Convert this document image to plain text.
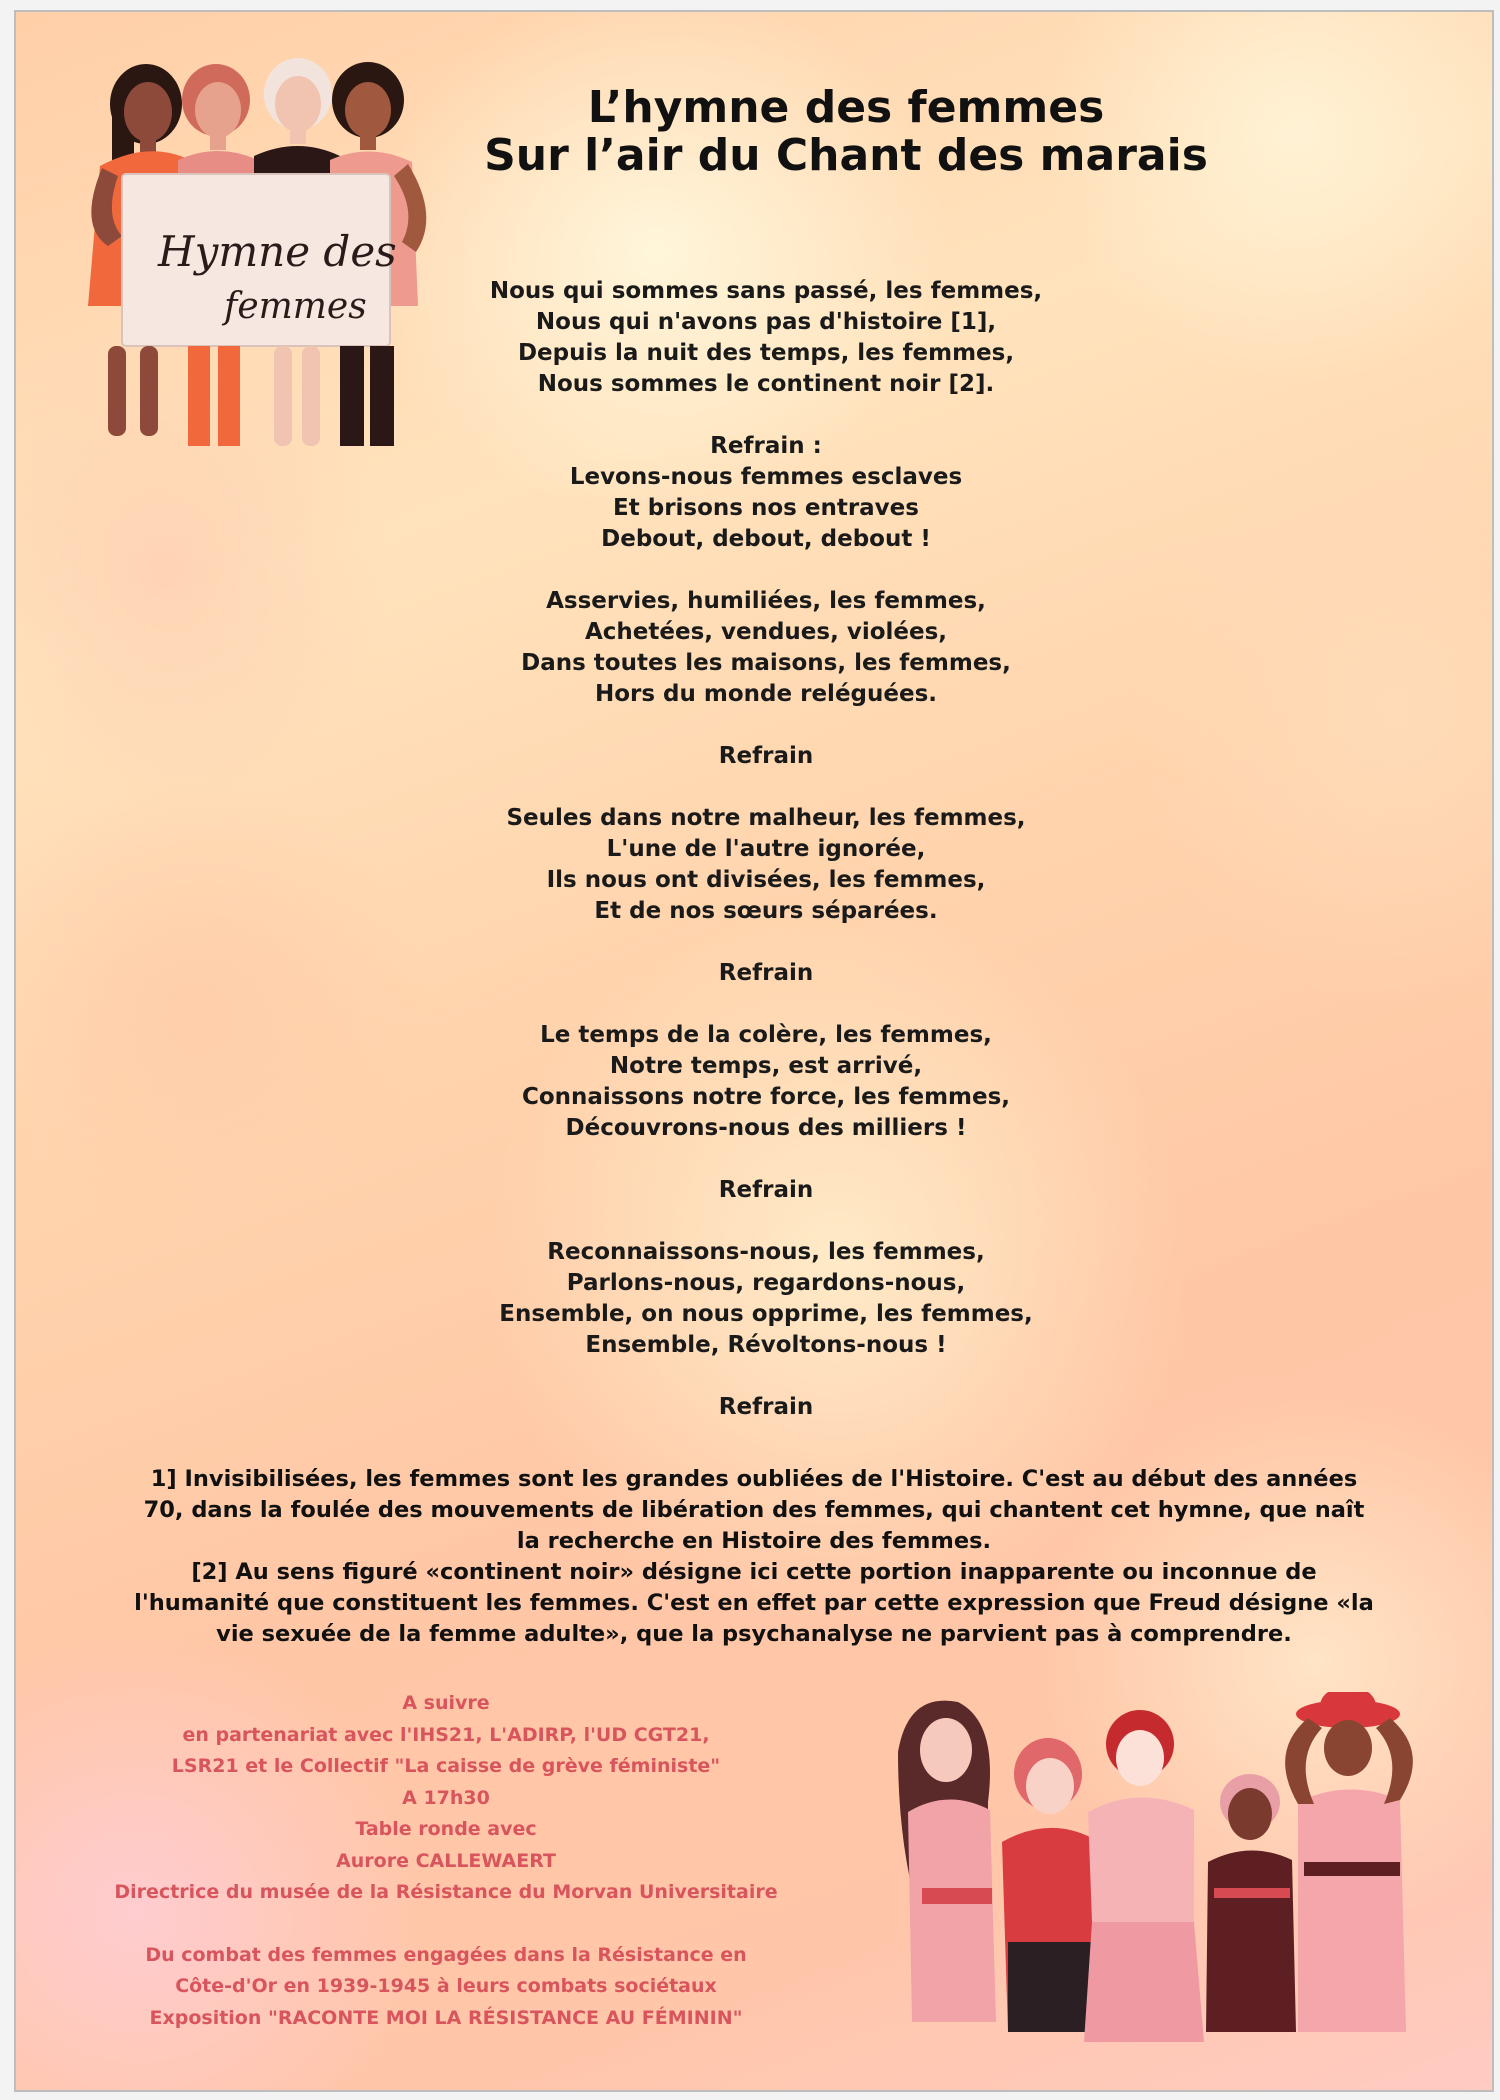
Hymne des
femmes
L’hymne des femmes
Sur l’air du Chant des marais
Nous qui sommes sans passé, les femmes,
Nous qui n'avons pas d'histoire [1],
Depuis la nuit des temps, les femmes,
Nous sommes le continent noir [2].
Refrain :
Levons-nous femmes esclaves
Et brisons nos entraves
Debout, debout, debout !
Asservies, humiliées, les femmes,
Achetées, vendues, violées,
Dans toutes les maisons, les femmes,
Hors du monde reléguées.
Refrain
Seules dans notre malheur, les femmes,
L'une de l'autre ignorée,
Ils nous ont divisées, les femmes,
Et de nos sœurs séparées.
Refrain
Le temps de la colère, les femmes,
Notre temps, est arrivé,
Connaissons notre force, les femmes,
Découvrons-nous des milliers !
Refrain
Reconnaissons-nous, les femmes,
Parlons-nous, regardons-nous,
Ensemble, on nous opprime, les femmes,
Ensemble, Révoltons-nous !
Refrain
1] Invisibilisées, les femmes sont les grandes oubliées de l'Histoire. C'est au début des années
70, dans la foulée des mouvements de libération des femmes, qui chantent cet hymne, que naît
la recherche en Histoire des femmes.
[2] Au sens figuré «continent noir» désigne ici cette portion inapparente ou inconnue de
l'humanité que constituent les femmes. C'est en effet par cette expression que Freud désigne «la
vie sexuée de la femme adulte», que la psychanalyse ne parvient pas à comprendre.
A suivre
en partenariat avec l'IHS21, L'ADIRP, l'UD CGT21,
LSR21 et le Collectif "La caisse de grève féministe"
A 17h30
Table ronde avec
Aurore CALLEWAERT
Directrice du musée de la Résistance du Morvan Universitaire
Du combat des femmes engagées dans la Résistance en
Côte-d'Or en 1939-1945 à leurs combats sociétaux
Exposition "RACONTE MOI LA RÉSISTANCE AU FÉMININ"
